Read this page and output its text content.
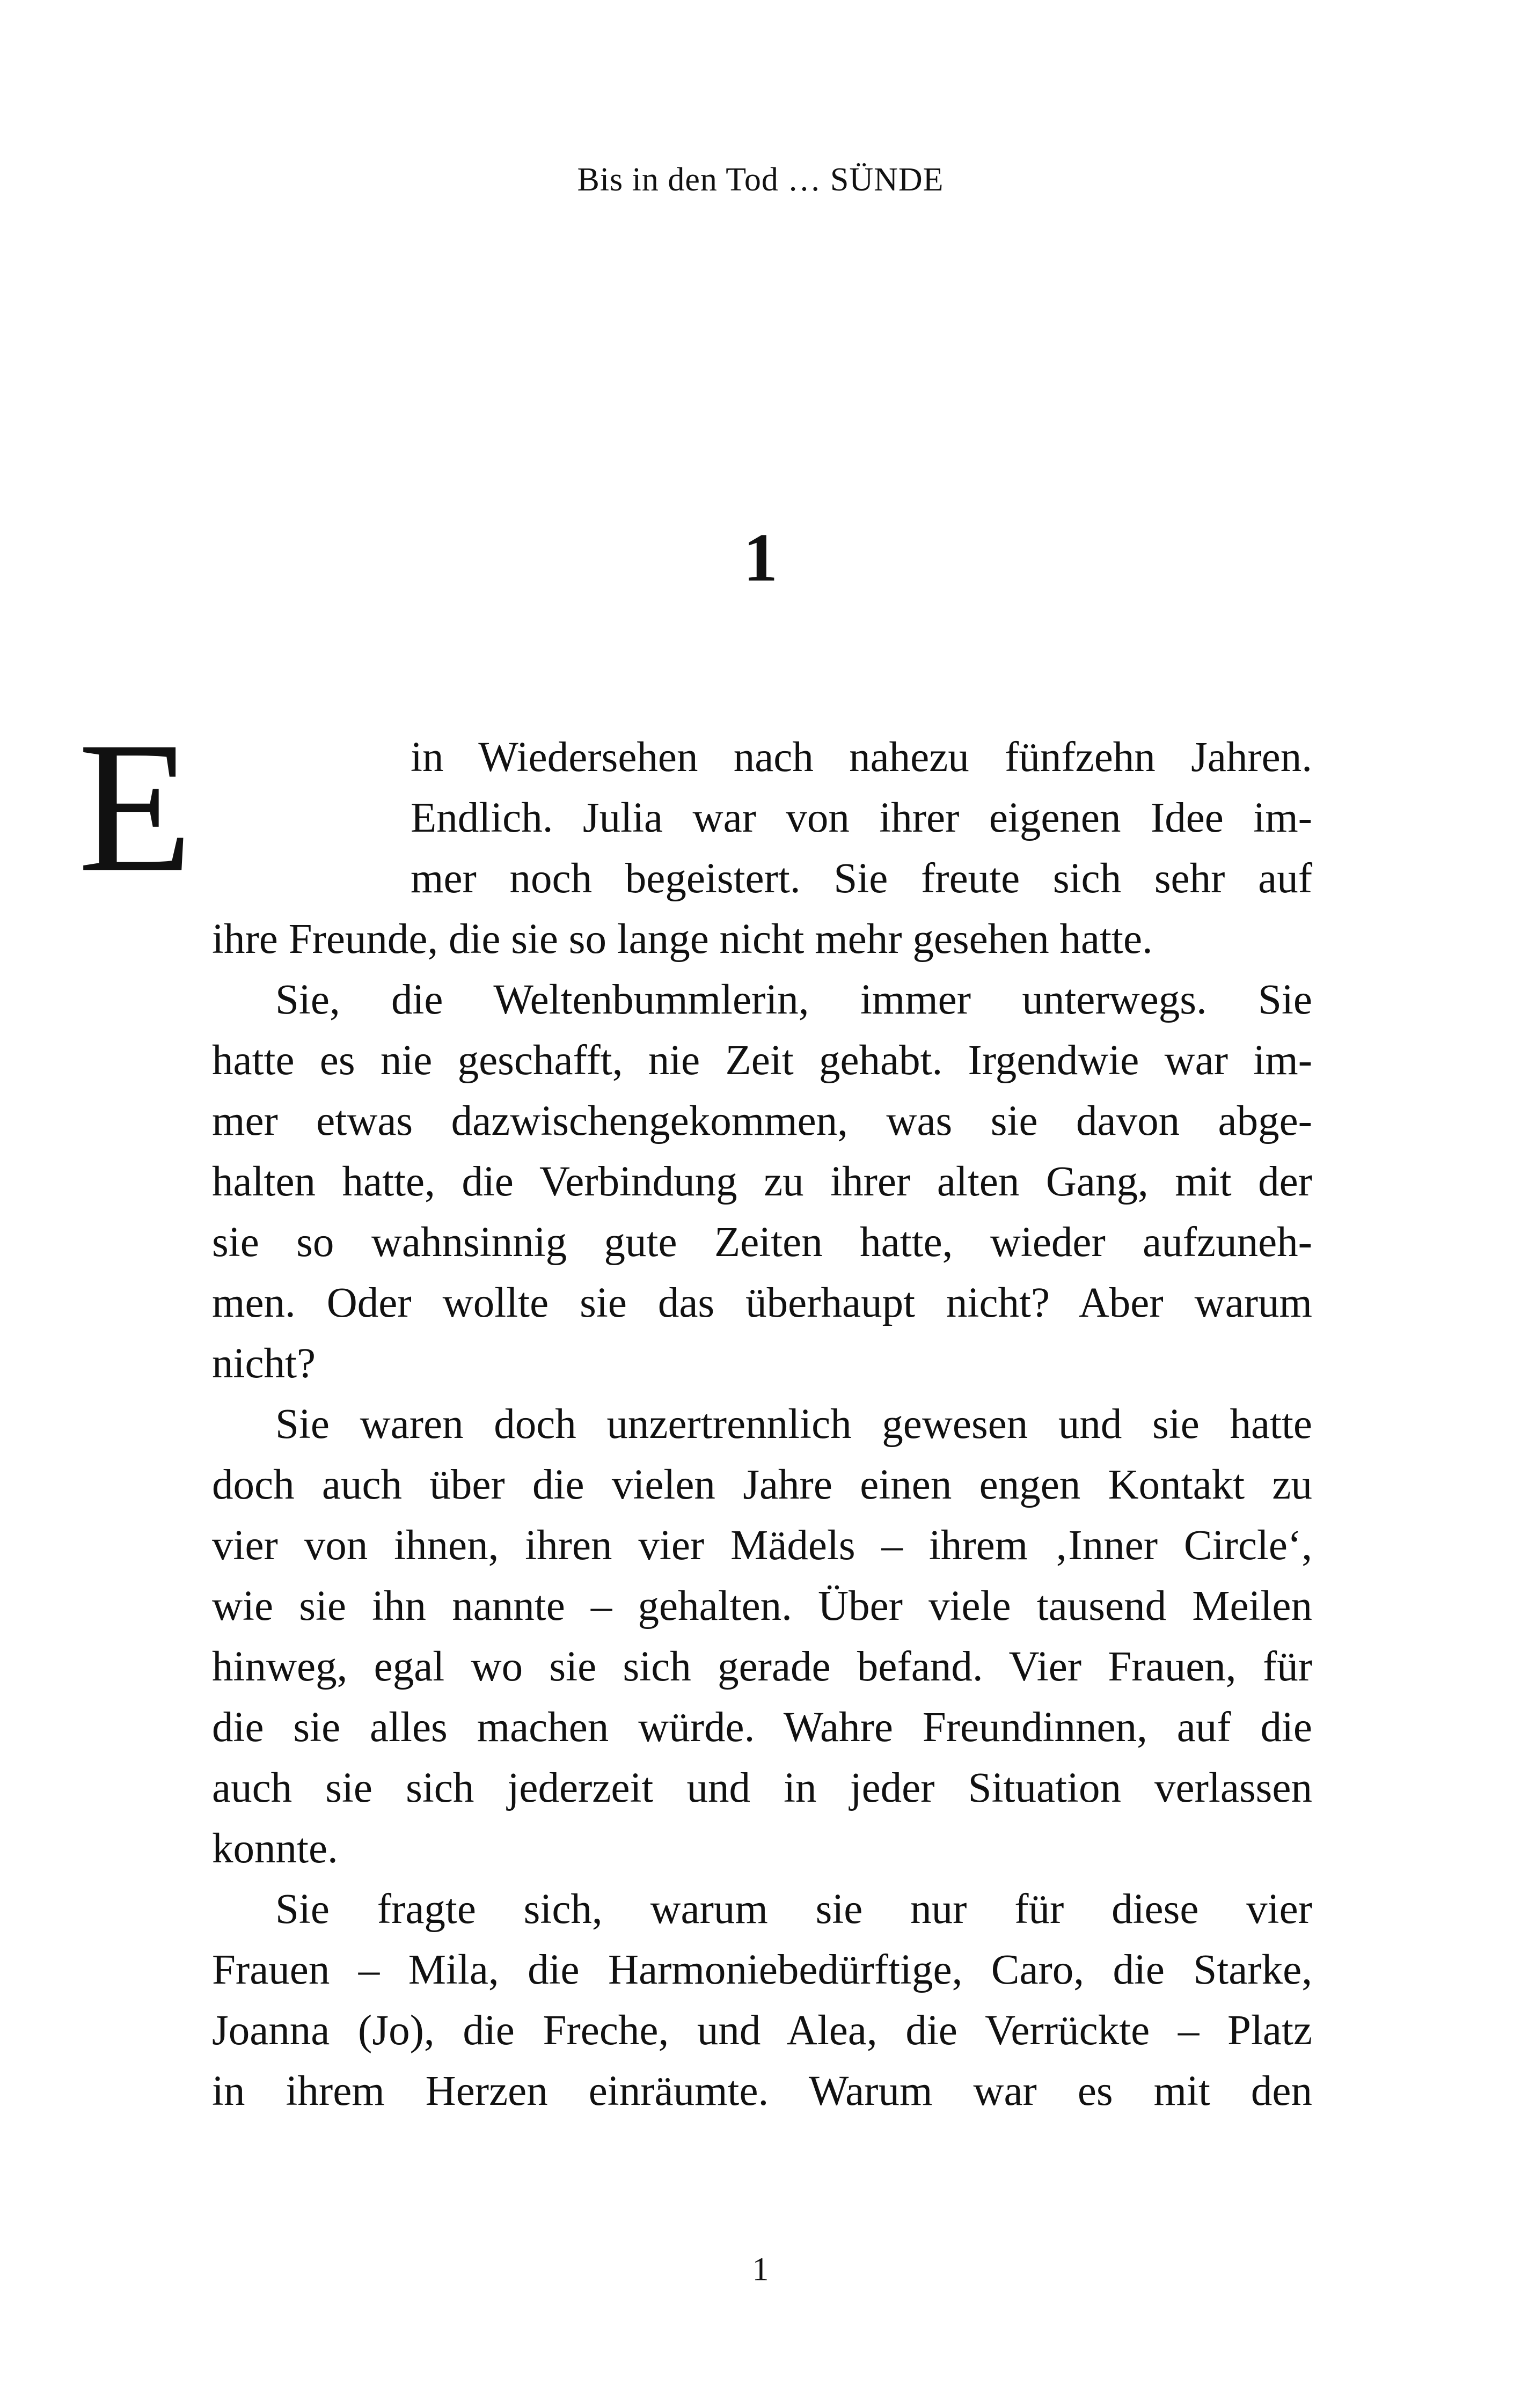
Bis in den Tod … SÜNDE
1
E	in Wiedersehen nach nahezu fünfzehn Jahren.
Endlich. Julia war von ihrer eigenen Idee im-
mer noch begeistert. Sie freute sich sehr auf
ihre Freunde, die sie so lange nicht mehr gesehen hatte.
Sie, die Weltenbummlerin, immer unterwegs. Sie
hatte es nie geschafft, nie Zeit gehabt. Irgendwie war im-
mer etwas dazwischengekommen, was sie davon abge-
halten hatte, die Verbindung zu ihrer alten Gang, mit der
sie so wahnsinnig gute Zeiten hatte, wieder aufzuneh-
men. Oder wollte sie das überhaupt nicht? Aber warum
nicht?
Sie waren doch unzertrennlich gewesen und sie hatte
doch auch über die vielen Jahre einen engen Kontakt zu
vier von ihnen, ihren vier Mädels – ihrem ‚Inner Circle‘,
wie sie ihn nannte – gehalten. Über viele tausend Meilen
hinweg, egal wo sie sich gerade befand. Vier Frauen, für
die sie alles machen würde. Wahre Freundinnen, auf die
auch sie sich jederzeit und in jeder Situation verlassen
konnte.
Sie fragte sich, warum sie nur für diese vier
Frauen – Mila, die Harmoniebedürftige, Caro, die Starke,
Joanna (Jo), die Freche, und Alea, die Verrückte – Platz
in ihrem Herzen einräumte. Warum war es mit den
1
